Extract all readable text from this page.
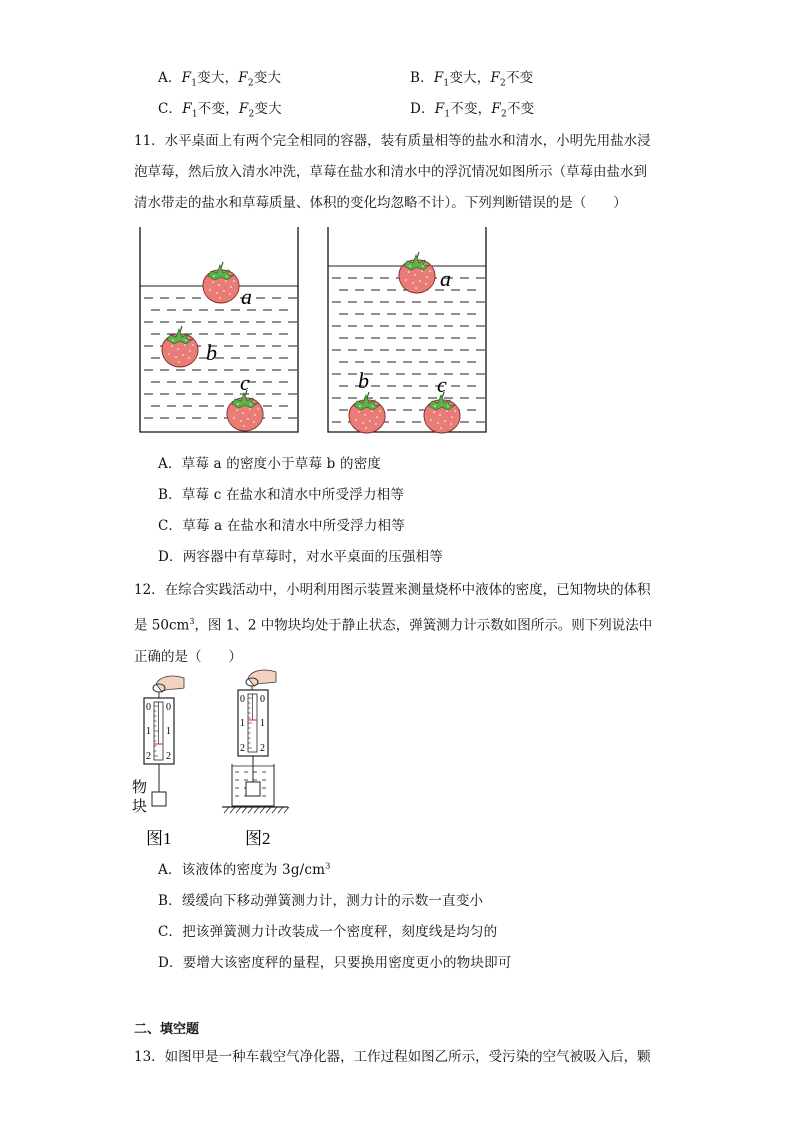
A．$F_1$变大，$F_2$变大	B．$F_1$变大，$F_2$不变
C．$F_1$不变，$F_2$变大	D．$F_1$不变，$F_2$不变
11．水平桌面上有两个完全相同的容器，装有质量相等的盐水和清水，小明先用盐水浸
泡草莓，然后放入清水冲洗，草莓在盐水和清水中的浮沉情况如图所示（草莓由盐水到
清水带走的盐水和草莓质量、体积的变化均忽略不计）。下列判断错误的是（　　）
a
b
c
a
b	c
A．草莓 a 的密度小于草莓 b 的密度
B．草莓 c 在盐水和清水中所受浮力相等
C．草莓 a 在盐水和清水中所受浮力相等
D．两容器中有草莓时，对水平桌面的压强相等
12．在综合实践活动中，小明利用图示装置来测量烧杯中液体的密度，已知物块的体积
是 $50cm^3$，图 1、2 中物块均处于静止状态，弹簧测力计示数如图所示。则下列说法中
正确的是（　　）
0 0
1 1
2 2
物
块
0 0
1 1
2 2
图1	图2
A．该液体的密度为 $3g/cm^3$
B．缓缓向下移动弹簧测力计，测力计的示数一直变小
C．把该弹簧测力计改装成一个密度秤，刻度线是均匀的
D．要增大该密度秤的量程，只要换用密度更小的物块即可
二、填空题
13．如图甲是一种车载空气净化器，工作过程如图乙所示，受污染的空气被吸入后，颗
